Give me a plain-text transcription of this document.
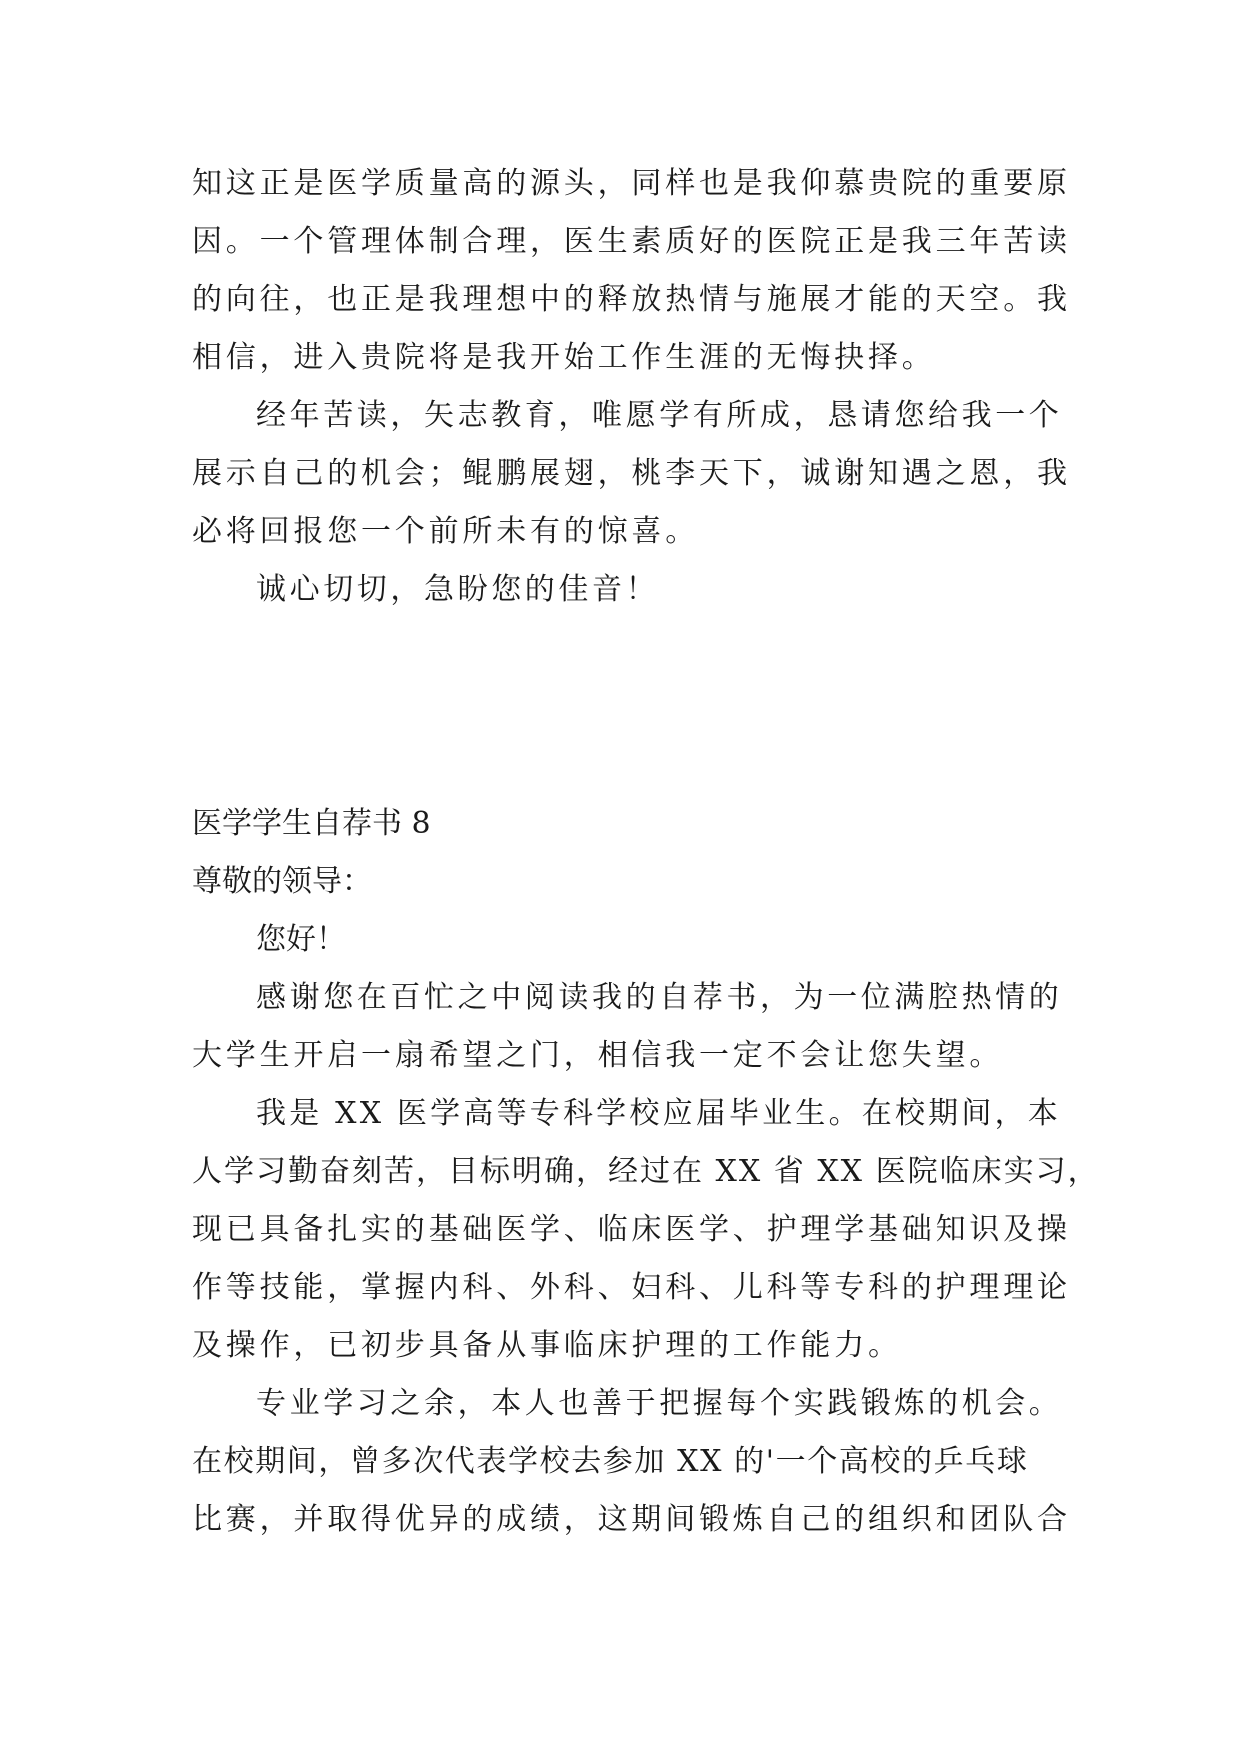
知这正是医学质量高的源头，同样也是我仰慕贵院的重要原
因。一个管理体制合理，医生素质好的医院正是我三年苦读
的向往，也正是我理想中的释放热情与施展才能的天空。我
相信，进入贵院将是我开始工作生涯的无悔抉择。
经年苦读，矢志教育，唯愿学有所成，恳请您给我一个
展示自己的机会；鲲鹏展翅，桃李天下，诚谢知遇之恩，我
必将回报您一个前所未有的惊喜。
诚心切切，急盼您的佳音！
医学学生自荐书 8
尊敬的领导：
您好！
感谢您在百忙之中阅读我的自荐书，为一位满腔热情的
大学生开启一扇希望之门，相信我一定不会让您失望。
我是 XX 医学高等专科学校应届毕业生。在校期间，本
人学习勤奋刻苦，目标明确，经过在 XX 省 XX 医院临床实习，
现已具备扎实的基础医学、临床医学、护理学基础知识及操
作等技能，掌握内科、外科、妇科、儿科等专科的护理理论
及操作，已初步具备从事临床护理的工作能力。
专业学习之余，本人也善于把握每个实践锻炼的机会。
在校期间，曾多次代表学校去参加 XX 的'一个高校的乒乓球
比赛，并取得优异的成绩，这期间锻炼自己的组织和团队合
